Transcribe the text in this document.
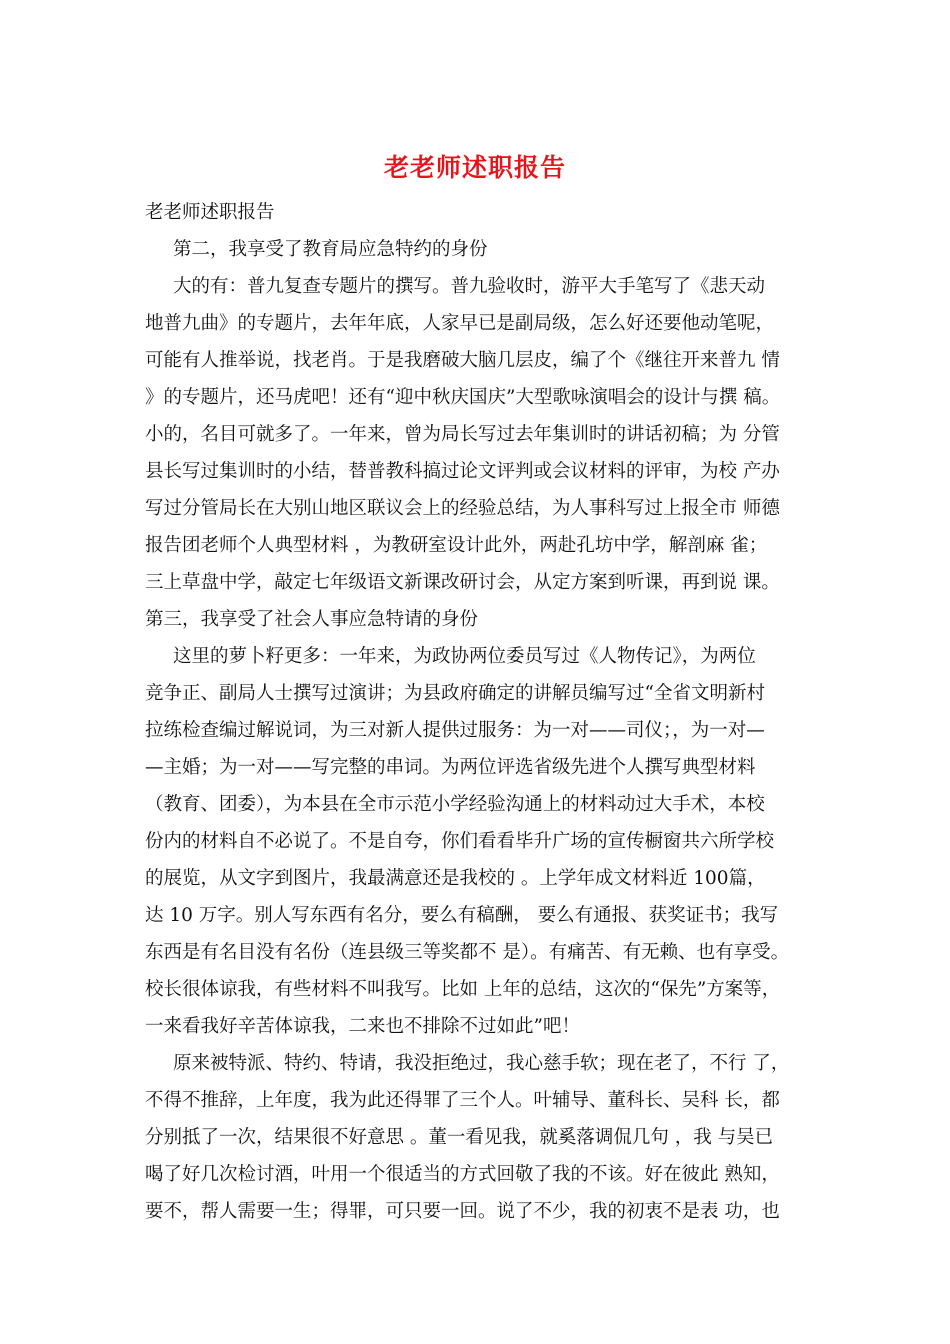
老老师述职报告
老老师述职报告
第二，我享受了教育局应急特约的身份
大的有：普九复查专题片的撰写。普九验收时，游平大手笔写了《悲天动
地普九曲》的专题片，去年年底，人家早已是副局级，怎么好还要他动笔呢，
可能有人推举说，找老肖。于是我磨破大脑几层皮，编了个《继往开来普九 情
》的专题片，还马虎吧！还有“迎中秋庆国庆”大型歌咏演唱会的设计与撰 稿。
小的，名目可就多了。一年来，曾为局长写过去年集训时的讲话初稿；为 分管
县长写过集训时的小结，替普教科搞过论文评判或会议材料的评审，为校 产办
写过分管局长在大别山地区联议会上的经验总结，为人事科写过上报全市 师德
报告团老师个人典型材料 ，为教研室设计此外，两赴孔坊中学，解剖麻 雀；
三上草盘中学，敲定七年级语文新课改研讨会，从定方案到听课，再到说 课。
第三，我享受了社会人事应急特请的身份
这里的萝卜籽更多：一年来，为政协两位委员写过《人物传记》，为两位
竞争正、副局人士撰写过演讲；为县政府确定的讲解员编写过“全省文明新村
拉练检查编过解说词，为三对新人提供过服务：为一对——司仪；，为一对—
—主婚；为一对——写完整的串词。为两位评选省级先进个人撰写典型材料
（教育、团委），为本县在全市示范小学经验沟通上的材料动过大手术，本校
份内的材料自不必说了。不是自夸，你们看看毕升广场的宣传橱窗共六所学校
的展览，从文字到图片，我最满意还是我校的 。上学年成文材料近 100篇，
达 10 万字。别人写东西有名分，要么有稿酬， 要么有通报、获奖证书；我写
东西是有名目没有名份（连县级三等奖都不 是）。有痛苦、有无赖、也有享受。
校长很体谅我，有些材料不叫我写。比如 上年的总结，这次的“保先”方案等，
一来看我好辛苦体谅我，二来也不排除不过如此”吧！
原来被特派、特约、特请，我没拒绝过，我心慈手软；现在老了，不行 了，
不得不推辞，上年度，我为此还得罪了三个人。叶辅导、董科长、吴科 长，都
分别抵了一次，结果很不好意思 。董一看见我，就奚落调侃几句 ，我 与吴已
喝了好几次检讨酒，叶用一个很适当的方式回敬了我的不该。好在彼此 熟知，
要不，帮人需要一生；得罪，可只要一回。说了不少，我的初衷不是表 功，也
